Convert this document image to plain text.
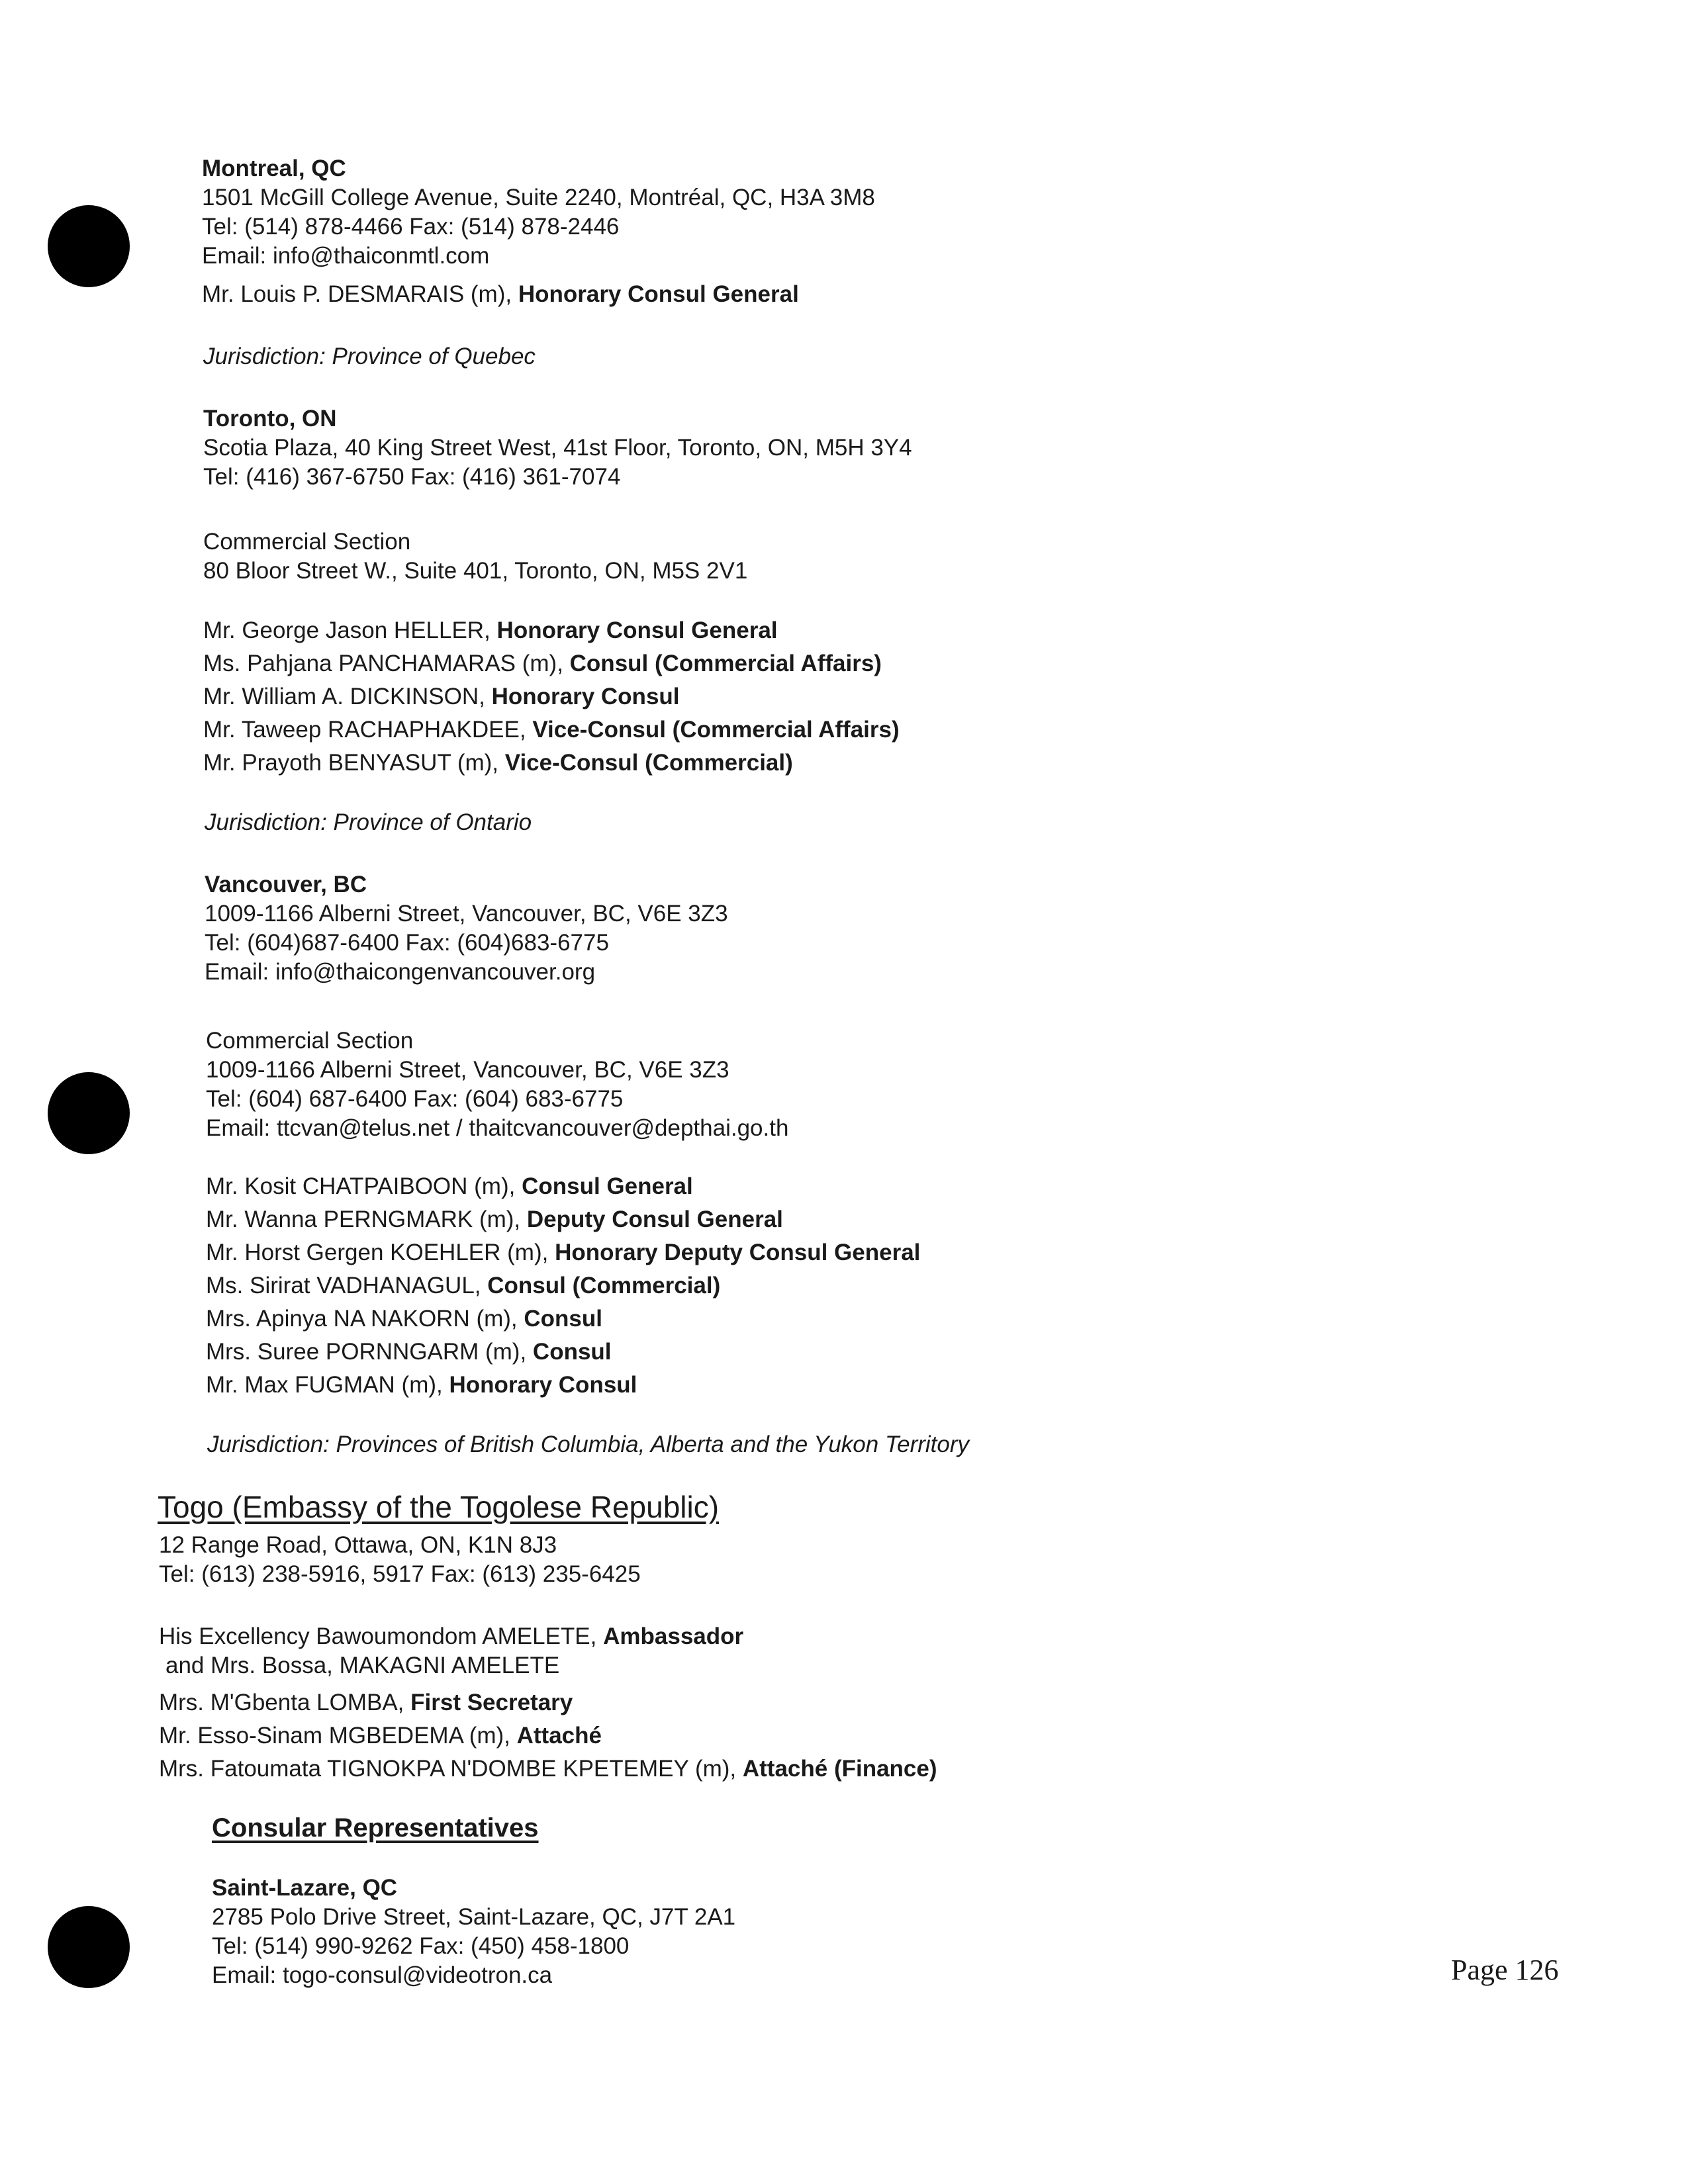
Montreal, QC
1501 McGill College Avenue, Suite 2240, Montréal, QC, H3A 3M8
Tel: (514) 878-4466 Fax: (514) 878-2446
Email: info@thaiconmtl.com
Mr. Louis P. DESMARAIS (m), Honorary Consul General
Jurisdiction: Province of Quebec
Toronto, ON
Scotia Plaza, 40 King Street West, 41st Floor, Toronto, ON, M5H 3Y4
Tel: (416) 367-6750 Fax: (416) 361-7074
Commercial Section
80 Bloor Street W., Suite 401, Toronto, ON, M5S 2V1
Mr. George Jason HELLER, Honorary Consul General
Ms. Pahjana PANCHAMARAS (m), Consul (Commercial Affairs)
Mr. William A. DICKINSON, Honorary Consul
Mr. Taweep RACHAPHAKDEE, Vice-Consul (Commercial Affairs)
Mr. Prayoth BENYASUT (m), Vice-Consul (Commercial)
Jurisdiction: Province of Ontario
Vancouver, BC
1009-1166 Alberni Street, Vancouver, BC, V6E 3Z3
Tel: (604)687-6400 Fax: (604)683-6775
Email: info@thaicongenvancouver.org
Commercial Section
1009-1166 Alberni Street, Vancouver, BC, V6E 3Z3
Tel: (604) 687-6400 Fax: (604) 683-6775
Email: ttcvan@telus.net / thaitcvancouver@depthai.go.th
Mr. Kosit CHATPAIBOON (m), Consul General
Mr. Wanna PERNGMARK (m), Deputy Consul General
Mr. Horst Gergen KOEHLER (m), Honorary Deputy Consul General
Ms. Sirirat VADHANAGUL, Consul (Commercial)
Mrs. Apinya NA NAKORN (m), Consul
Mrs. Suree PORNNGARM (m), Consul
Mr. Max FUGMAN (m), Honorary Consul
Jurisdiction: Provinces of British Columbia, Alberta and the Yukon Territory
Togo (Embassy of the Togolese Republic)
12 Range Road, Ottawa, ON, K1N 8J3
Tel: (613) 238-5916, 5917 Fax: (613) 235-6425
His Excellency Bawoumondom AMELETE, Ambassador
and Mrs. Bossa, MAKAGNI AMELETE
Mrs. M'Gbenta LOMBA, First Secretary
Mr. Esso-Sinam MGBEDEMA (m), Attaché
Mrs. Fatoumata TIGNOKPA N'DOMBE KPETEMEY (m), Attaché (Finance)
Consular Representatives
Saint-Lazare, QC
2785 Polo Drive Street, Saint-Lazare, QC, J7T 2A1
Tel: (514) 990-9262 Fax: (450) 458-1800
Email: togo-consul@videotron.ca	Page 126
